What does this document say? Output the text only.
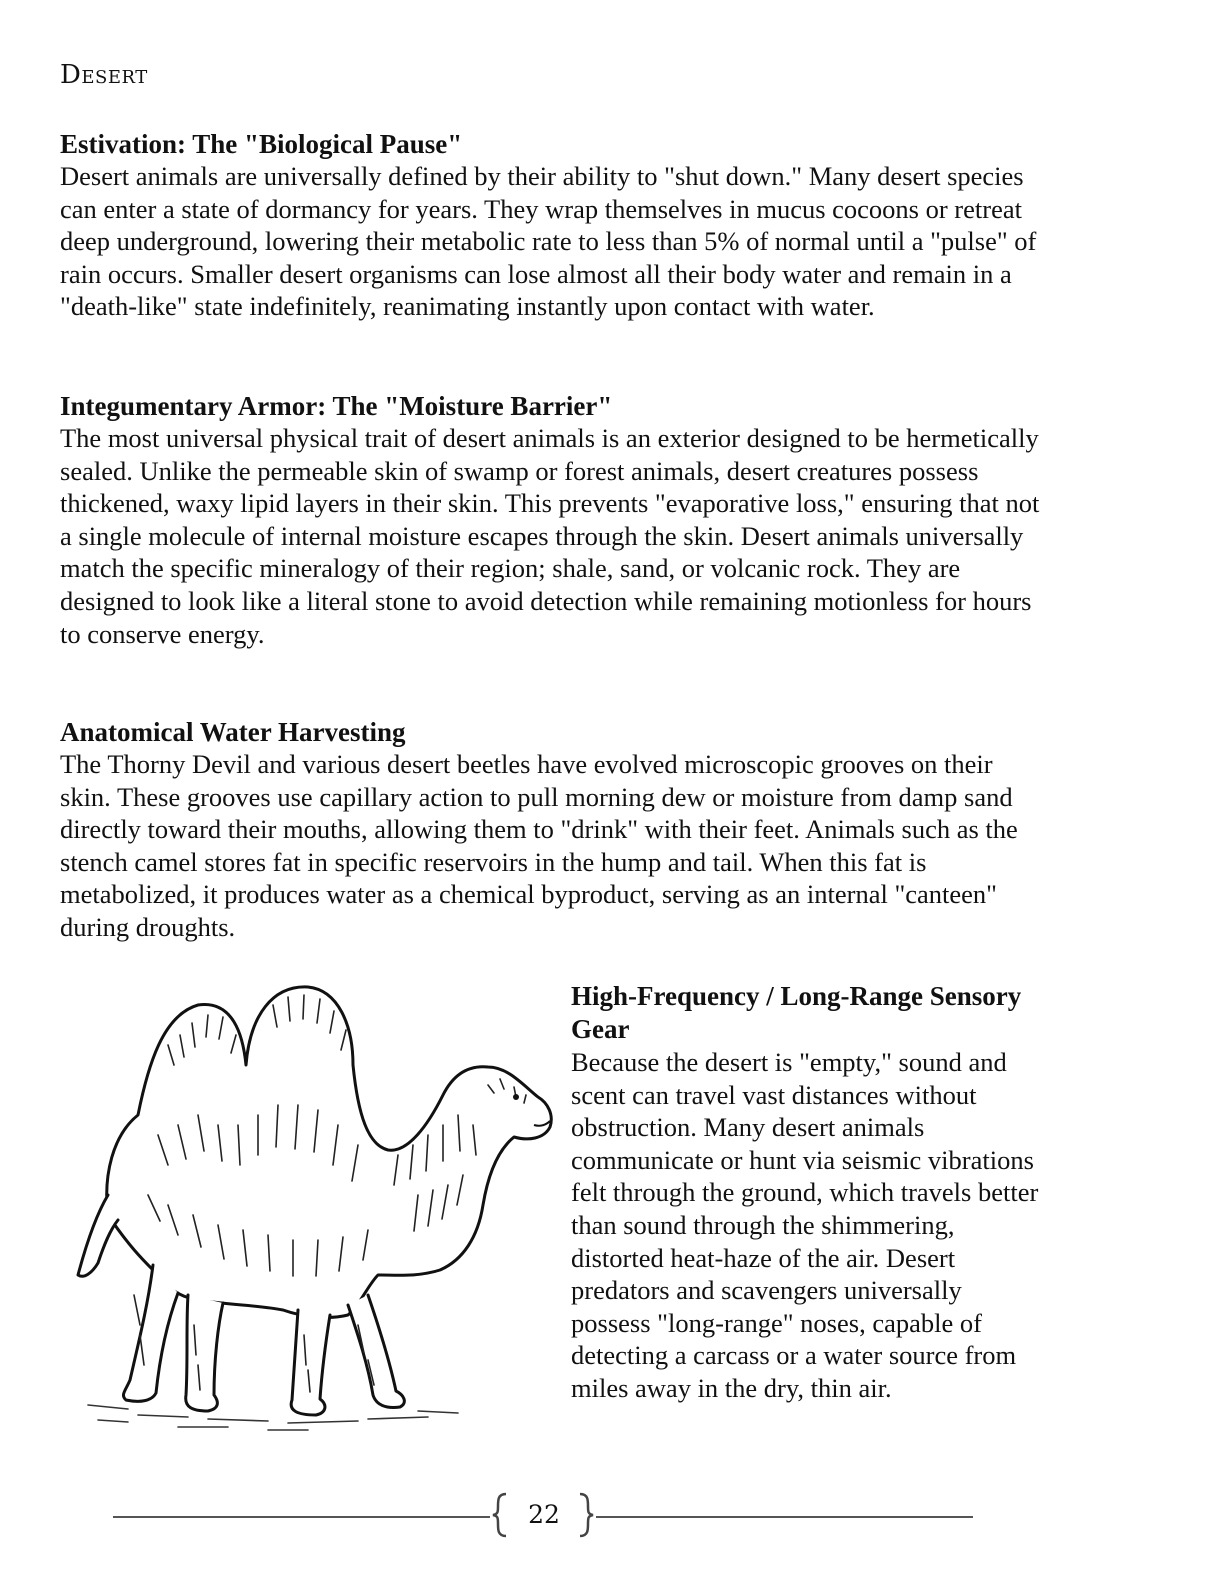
Desert
Estivation: The "Biological Pause"

Desert animals are universally defined by their ability to "shut down." Many desert species can enter a state of dormancy for years. They wrap themselves in mucus cocoons or retreat deep underground, lowering their metabolic rate to less than 5% of normal until a "pulse" of rain occurs. Smaller desert organisms can lose almost all their body water and remain in a "death-like" state indefinitely, reanimating instantly upon contact with water.

Integumentary Armor: The "Moisture Barrier"

The most universal physical trait of desert animals is an exterior designed to be hermetically sealed. Unlike the permeable skin of swamp or forest animals, desert creatures possess thickened, waxy lipid layers in their skin. This prevents "evaporative loss," ensuring that not a single molecule of internal moisture escapes through the skin. Desert animals universally match the specific mineralogy of their region; shale, sand, or volcanic rock. They are designed to look like a literal stone to avoid detection while remaining motionless for hours to conserve energy.

Anatomical Water Harvesting

The Thorny Devil and various desert beetles have evolved microscopic grooves on their skin. These grooves use capillary action to pull morning dew or moisture from damp sand directly toward their mouths, allowing them to "drink" with their feet. Animals such as the stench camel stores fat in specific reservoirs in the hump and tail. When this fat is metabolized, it produces water as a chemical byproduct, serving as an internal "canteen" during droughts.

High-Frequency / Long-Range Sensory Gear

Because the desert is "empty," sound and scent can travel vast distances without obstruction. Many desert animals communicate or hunt via seismic vibrations felt through the ground, which travels better than sound through the shimmering, distorted heat-haze of the air. Desert predators and scavengers universally possess "long-range" noses, capable of detecting a carcass or a water source from miles away in the dry, thin air.

22
